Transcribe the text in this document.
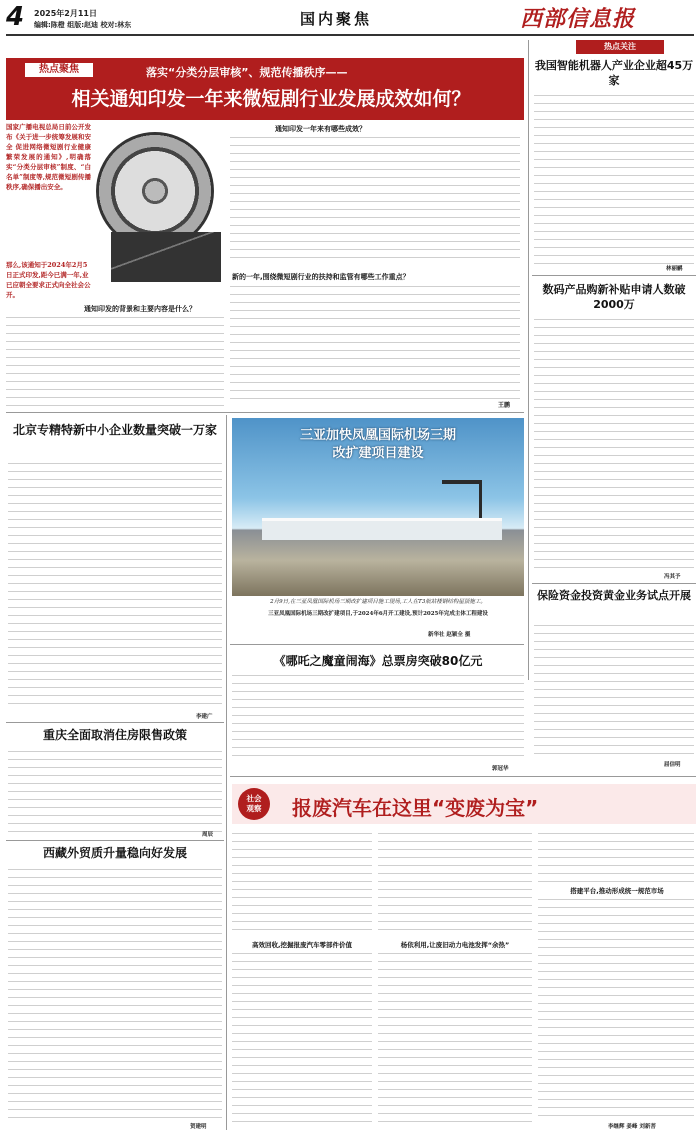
4 2025年2月11日
编辑:陈橙 组版:赵迪 校对:林东	国内聚焦	西部信息报
落实“分类分层审核”、规范传播秩序——
相关通知印发一年来微短剧行业发展成效如何？
热点聚焦
国家广播电视总局日前公开发布《关于进一步统筹发展和安全 促进网络微短剧行业健康繁荣发展的通知》,明确落实“分类分层审核”制度、“白名单”制度等,规范微短剧传播秩序,确保播出安全。
那么,该通知于2024年2月5日正式印发,距今已满一年,业已应朝全要求正式向全社会公开。
通知印发的背景和主要内容是什么？
通知印发一年来有哪些成效？
新的一年,围绕微短剧行业的扶持和监管有哪些工作重点？
王鹏
热点关注
我国智能机器人产业企业超45万家
林丽鹂
数码产品购新补贴申请人数破2000万
冯其予
保险资金投资黄金业务试点开展
屈信明
北京专精特新中小企业数量突破一万家
李建广
重庆全面取消住房限售政策
周辰
西藏外贸质升量稳向好发展
贺建明
三亚加快凤凰国际机场三期
改扩建项目建设
2月9日,在三亚凤凰国际机场三期改扩建项目施工现场,工人在T3航站楼钢结构屋顶施工。
三亚凤凰国际机场三期改扩建项目,于2024年6月开工建设,预计2025年完成主体工程建设
新华社 赵颖全 摄
《哪吒之魔童闹海》总票房突破80亿元
郭冠华
社会
观察	报废汽车在这里“变废为宝”
搭建平台,推动形成统一规范市场
高效回收,挖掘报废汽车零部件价值	杨依利用,让废旧动力电池发挥“余热”
李继辉 姜峰 刘新菩
